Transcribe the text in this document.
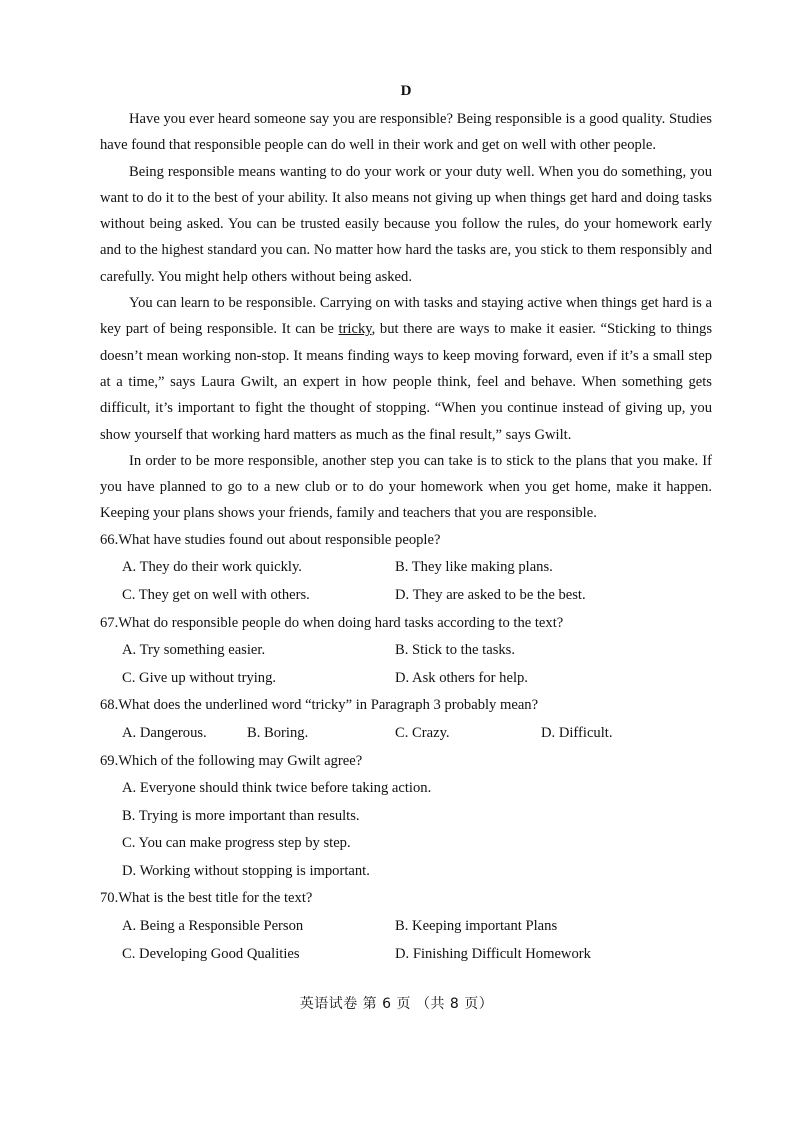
D

Have you ever heard someone say you are responsible? Being responsible is a good quality. Studies have found that responsible people can do well in their work and get on well with other people.

Being responsible means wanting to do your work or your duty well. When you do something, you want to do it to the best of your ability. It also means not giving up when things get hard and doing tasks without being asked. You can be trusted easily because you follow the rules, do your homework early and to the highest standard you can. No matter how hard the tasks are, you stick to them responsibly and carefully. You might help others without being asked.

You can learn to be responsible. Carrying on with tasks and staying active when things get hard is a key part of being responsible. It can be tricky, but there are ways to make it easier. “Sticking to things doesn’t mean working non-stop. It means finding ways to keep moving forward, even if it’s a small step at a time,” says Laura Gwilt, an expert in how people think, feel and behave. When something gets difficult, it’s important to fight the thought of stopping. “When you continue instead of giving up, you show yourself that working hard matters as much as the final result,” says Gwilt.

In order to be more responsible, another step you can take is to stick to the plans that you make. If you have planned to go to a new club or to do your homework when you get home, make it happen. Keeping your plans shows your friends, family and teachers that you are responsible.

66.What have studies found out about responsible people?

A. They do their work quickly.	B. They like making plans.
C. They get on well with others.	D. They are asked to be the best.

67.What do responsible people do when doing hard tasks according to the text?

A. Try something easier.	B. Stick to the tasks.
C. Give up without trying.	D. Ask others for help.

68.What does the underlined word “tricky” in Paragraph 3 probably mean?

A. Dangerous.	B. Boring.	C. Crazy.	D. Difficult.

69.Which of the following may Gwilt agree?

A. Everyone should think twice before taking action.

B. Trying is more important than results.

C. You can make progress step by step.

D. Working without stopping is important.

70.What is the best title for the text?

A. Being a Responsible Person	B. Keeping important Plans
C. Developing Good Qualities	D. Finishing Difficult Homework
英语试卷 第 6 页 （共 8 页）
